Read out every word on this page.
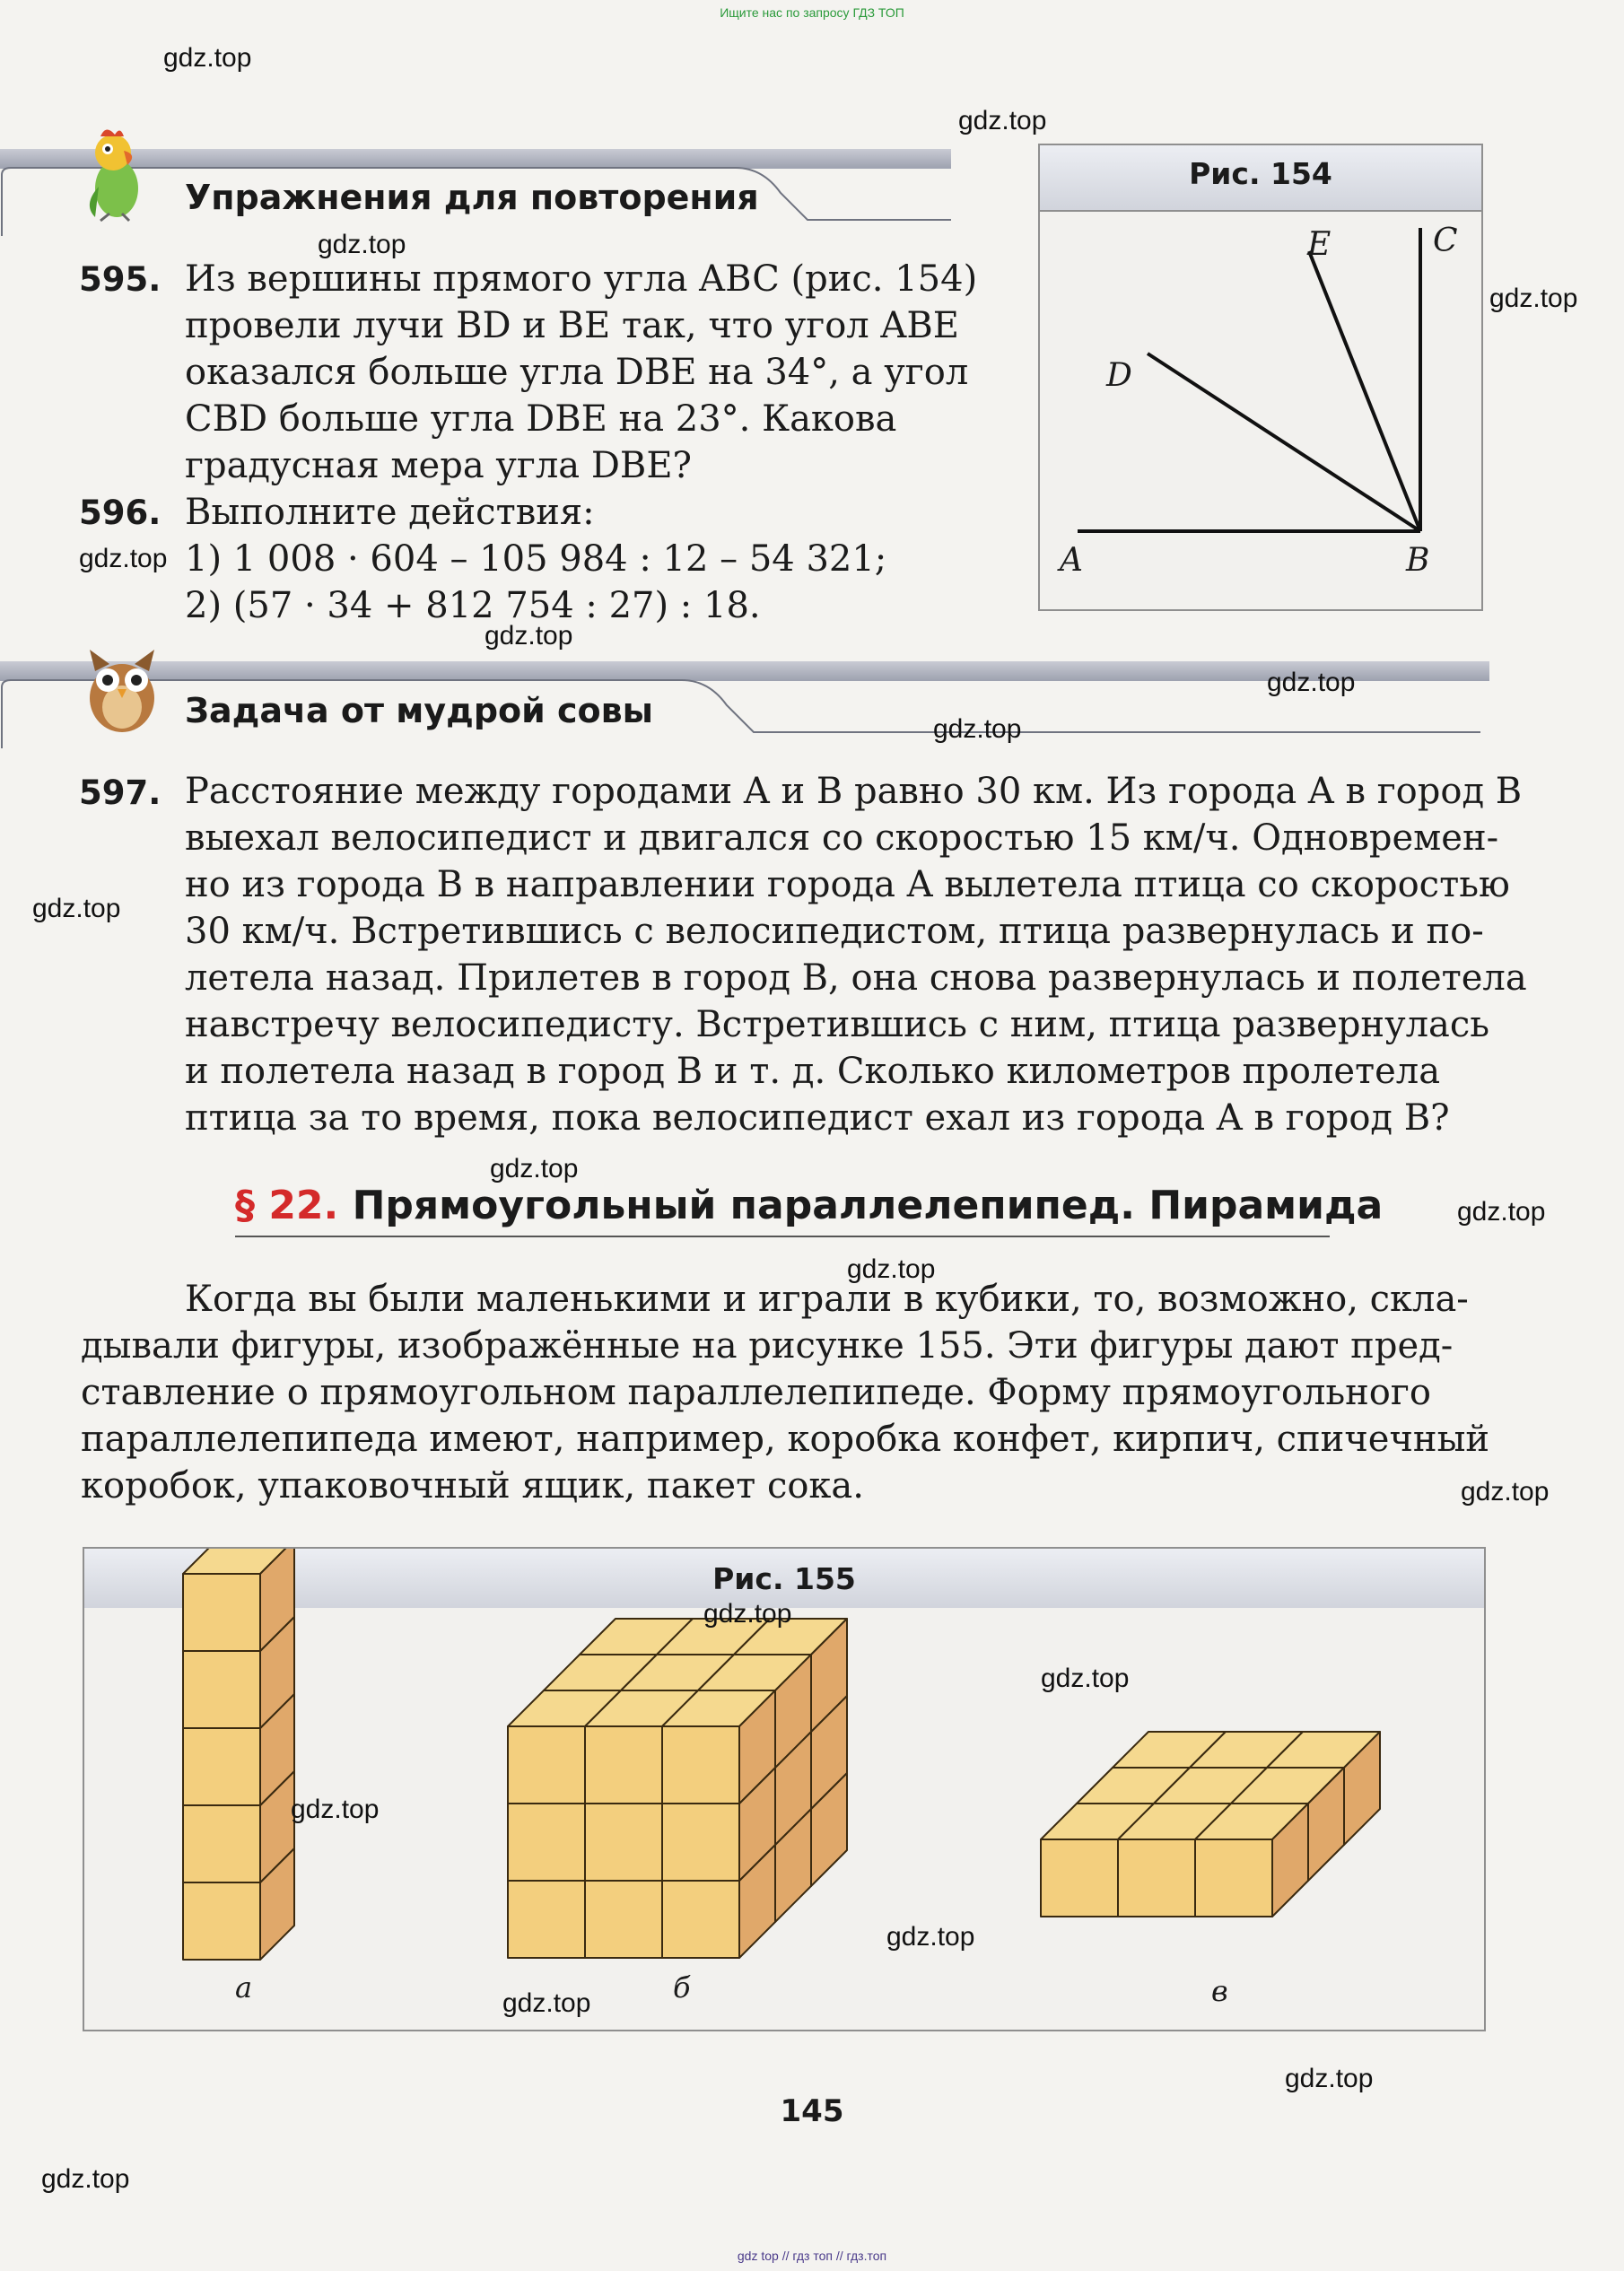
Ищите нас по запросу ГДЗ ТОП
gdz top // гдз топ // гдз.топ
Упражнения для повторения
595. Из вершины прямого угла ABC (рис. 154)
провели лучи BD и BE так, что угол ABE
оказался больше угла DBE на 34°, а угол
CBD больше угла DBE на 23°. Какова
градусная мера угла DBE?
596. Выполните действия:
1) 1 008 · 604 – 105 984 : 12 – 54 321;
2) (57 · 34 + 812 754 : 27) : 18.
Рис. 154
A	B
C
D
E
Задача от мудрой совы
597. Расстояние между городами A и B равно 30 км. Из города A в город B
выехал велосипедист и двигался со скоростью 15 км/ч. Одновремен-
но из города B в направлении города A вылетела птица со скоростью
30 км/ч. Встретившись с велосипедистом, птица развернулась и по-
летела назад. Прилетев в город B, она снова развернулась и полетела
навстречу велосипедисту. Встретившись с ним, птица развернулась
и полетела назад в город B и т. д. Сколько километров пролетела
птица за то время, пока велосипедист ехал из города A в город B?
§ 22. Прямоугольный параллелепипед. Пирамида
Когда вы были маленькими и играли в кубики, то, возможно, скла-
дывали фигуры, изображённые на рисунке 155. Эти фигуры дают пред-
ставление о прямоугольном параллелепипеде. Форму прямоугольного
параллелепипеда имеют, например, коробка конфет, кирпич, спичечный
коробок, упаковочный ящик, пакет сока.
Рис. 155
а	б	в
145
gdz.top
gdz.top
gdz.top
gdz.top
gdz.top
gdz.top
gdz.top
gdz.top
gdz.top
gdz.top
gdz.top
gdz.top
gdz.top
gdz.top
gdz.top
gdz.top
gdz.top
gdz.top
gdz.top
gdz.top
